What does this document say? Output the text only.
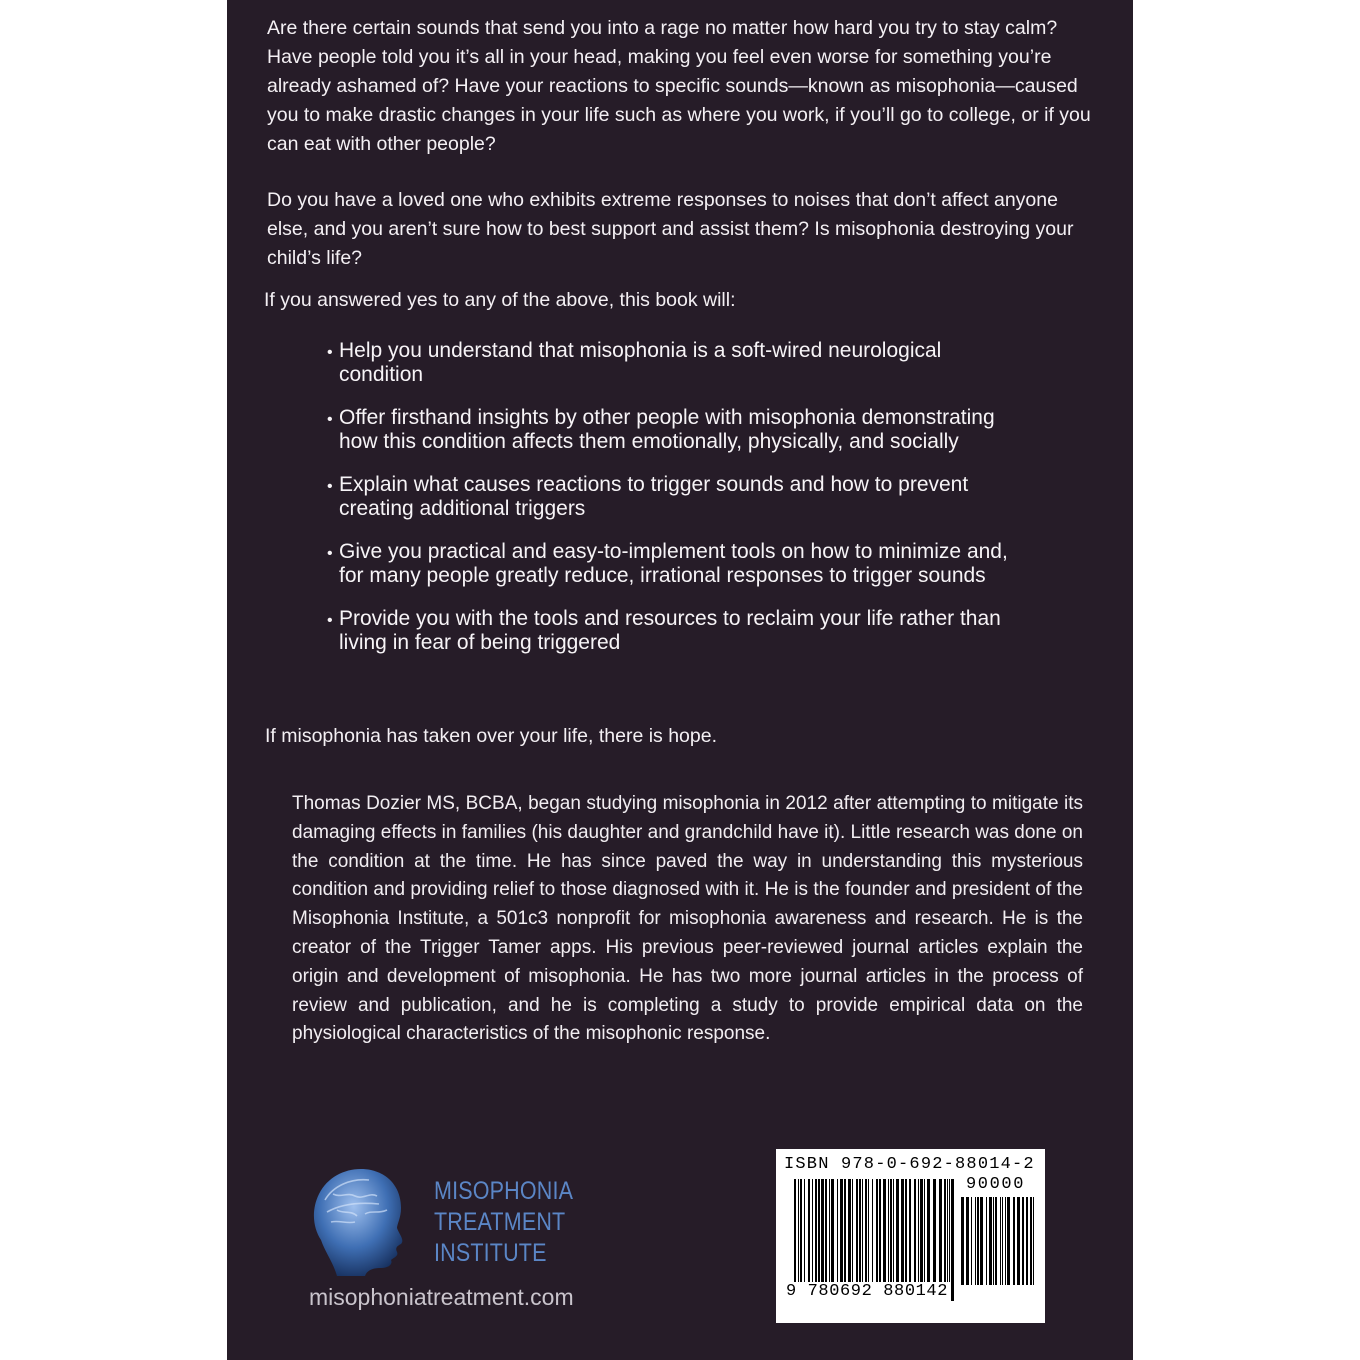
Are there certain sounds that send you into a rage no matter how hard you try to stay calm? Have people told you it’s all in your head, making you feel even worse for something you’re already ashamed of? Have your reactions to specific sounds—known as misophonia—caused you to make drastic changes in your life such as where you work, if you’ll go to college, or if you can eat with other people?

Do you have a loved one who exhibits extreme responses to noises that don’t affect anyone else, and you aren’t sure how to best support and assist them? Is misophonia destroying your child’s life?

If you answered yes to any of the above, this book will:

• Help you understand that misophonia is a soft-wired neurological condition
• Offer firsthand insights by other people with misophonia demonstrating how this condition affects them emotionally, physically, and socially
• Explain what causes reactions to trigger sounds and how to prevent creating additional triggers
• Give you practical and easy-to-implement tools on how to minimize and, for many people greatly reduce, irrational responses to trigger sounds
• Provide you with the tools and resources to reclaim your life rather than living in fear of being triggered

If misophonia has taken over your life, there is hope.

Thomas Dozier MS, BCBA, began studying misophonia in 2012 after attempting to mitigate its damaging effects in families (his daughter and grandchild have it). Little research was done on the condition at the time. He has since paved the way in understanding this mysterious condition and providing relief to those diagnosed with it. He is the founder and president of the Misophonia Institute, a 501c3 nonprofit for misophonia awareness and research. He is the creator of the Trigger Tamer apps. His previous peer-reviewed journal articles explain the origin and development of misophonia. He has two more journal articles in the process of review and publication, and he is completing a study to provide empirical data on the physiological characteristics of the misophonic response.

MISOPHONIA
TREATMENT
INSTITUTE
misophoniatreatment.com
ISBN 978-0-692-88014-2
90000
9 780692 880142
